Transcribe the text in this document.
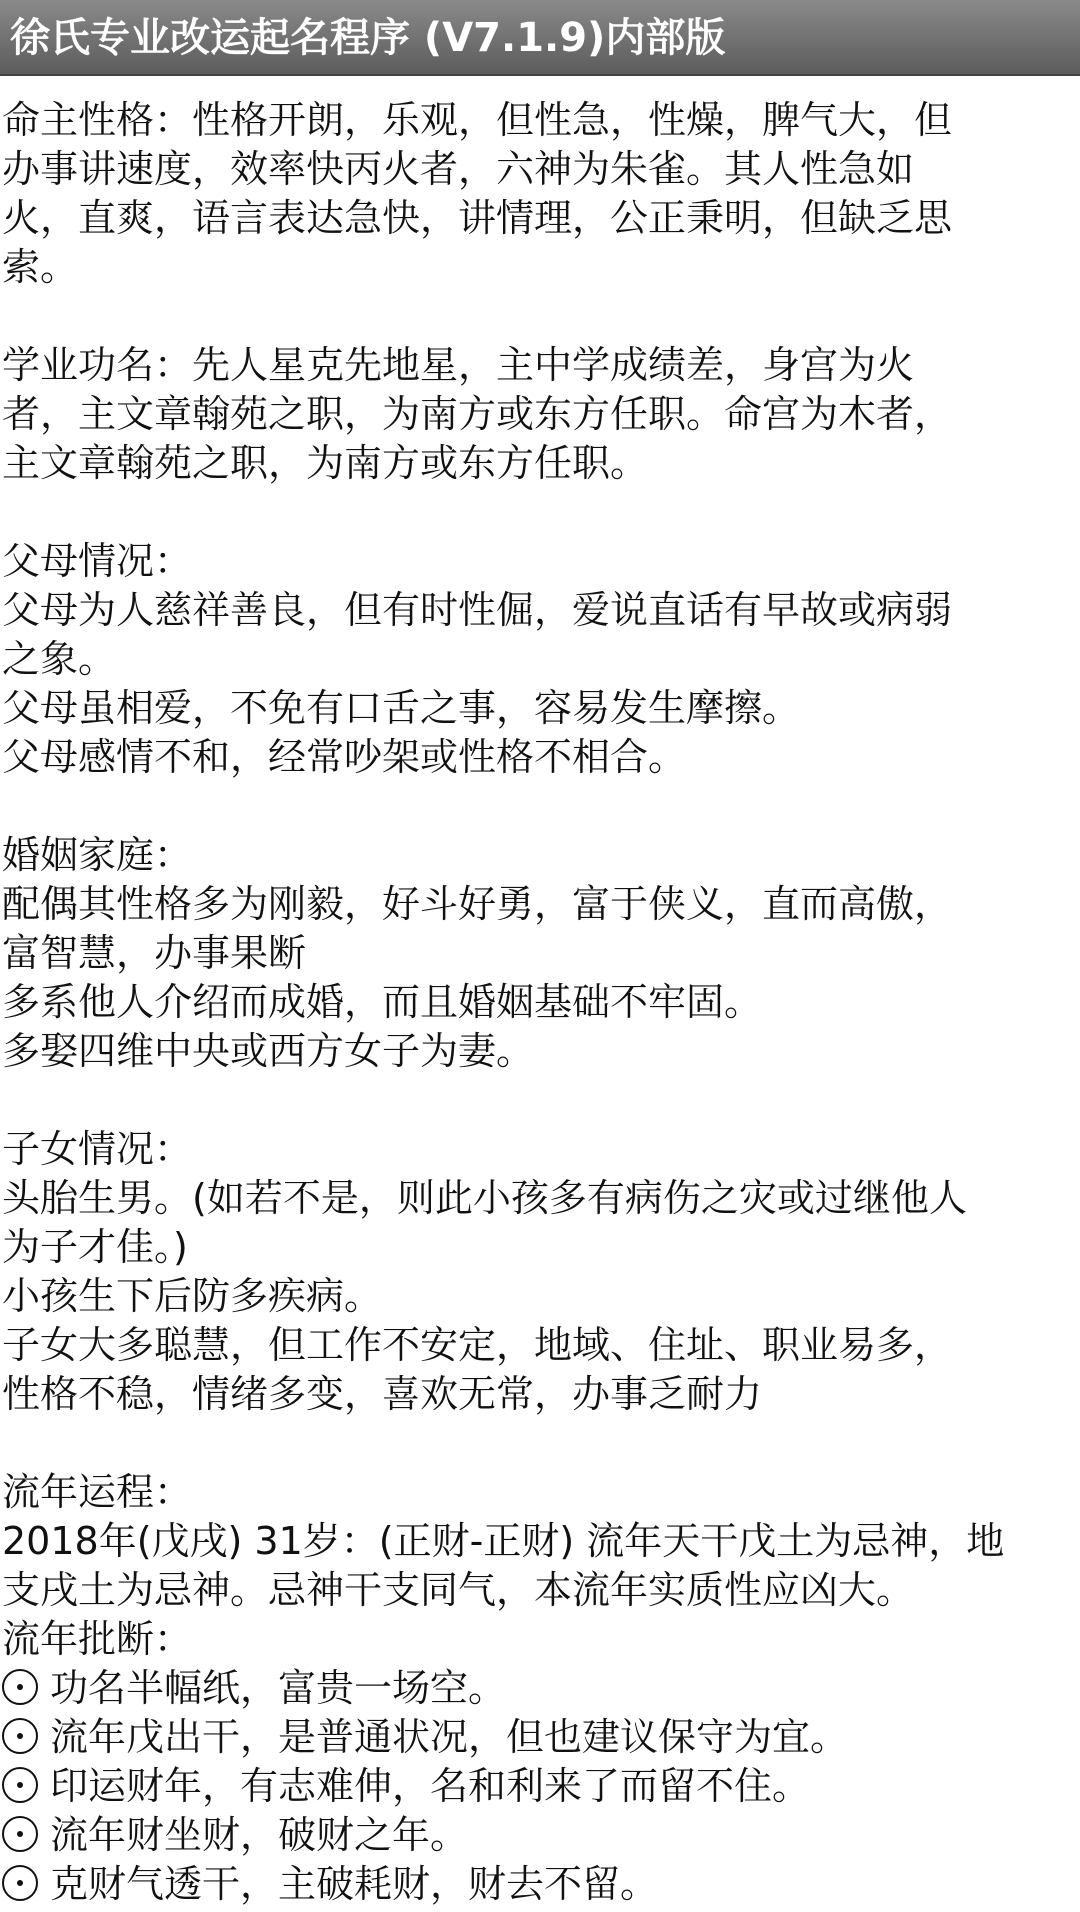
徐氏专业改运起名程序 (V7.1.9)内部版
命主性格：性格开朗，乐观，但性急，性燥，脾气大，但
办事讲速度，效率快丙火者，六神为朱雀。其人性急如
火，直爽，语言表达急快，讲情理，公正秉明，但缺乏思
索。
学业功名：先人星克先地星，主中学成绩差，身宫为火
者，主文章翰苑之职，为南方或东方任职。命宫为木者，
主文章翰苑之职，为南方或东方任职。
父母情况：
父母为人慈祥善良，但有时性倔，爱说直话有早故或病弱
之象。
父母虽相爱，不免有口舌之事，容易发生摩擦。
父母感情不和，经常吵架或性格不相合。
婚姻家庭：
配偶其性格多为刚毅，好斗好勇，富于侠义，直而高傲，
富智慧，办事果断
多系他人介绍而成婚，而且婚姻基础不牢固。
多娶四维中央或西方女子为妻。
子女情况：
头胎生男。(如若不是，则此小孩多有病伤之灾或过继他人
为子才佳。)
小孩生下后防多疾病。
子女大多聪慧，但工作不安定，地域、住址、职业易多，
性格不稳，情绪多变，喜欢无常，办事乏耐力
流年运程：
2018年(戊戌) 31岁：(正财-正财) 流年天干戊土为忌神，地
支戌土为忌神。忌神干支同气，本流年实质性应凶大。
流年批断：
功名半幅纸，富贵一场空。
流年戊出干，是普通状况，但也建议保守为宜。
印运财年，有志难伸，名和利来了而留不住。
流年财坐财，破财之年。
克财气透干，主破耗财，财去不留。
